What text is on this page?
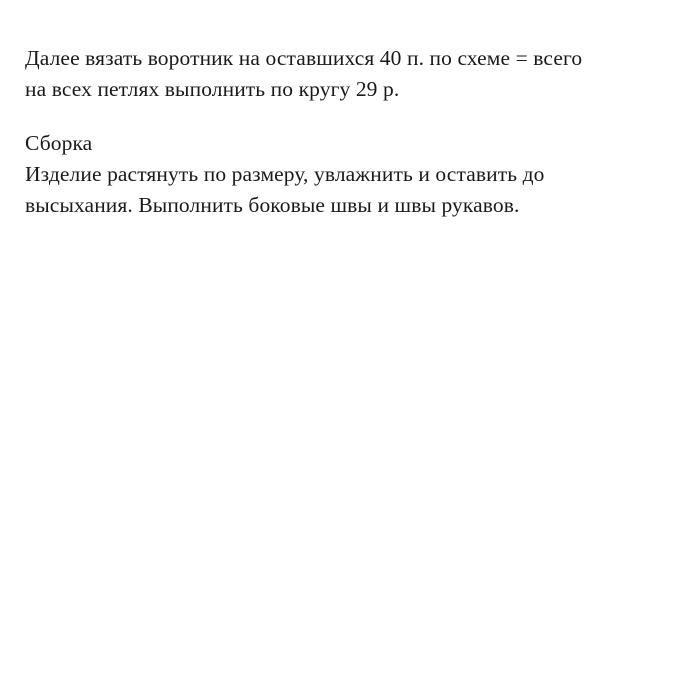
Далее вязать воротник на оставшихся 40 п. по схеме = всего
на всех петлях выполнить по кругу 29 р.
Сборка
Изделие растянуть по размеру, увлажнить и оставить до
высыхания. Выполнить боковые швы и швы рукавов.
